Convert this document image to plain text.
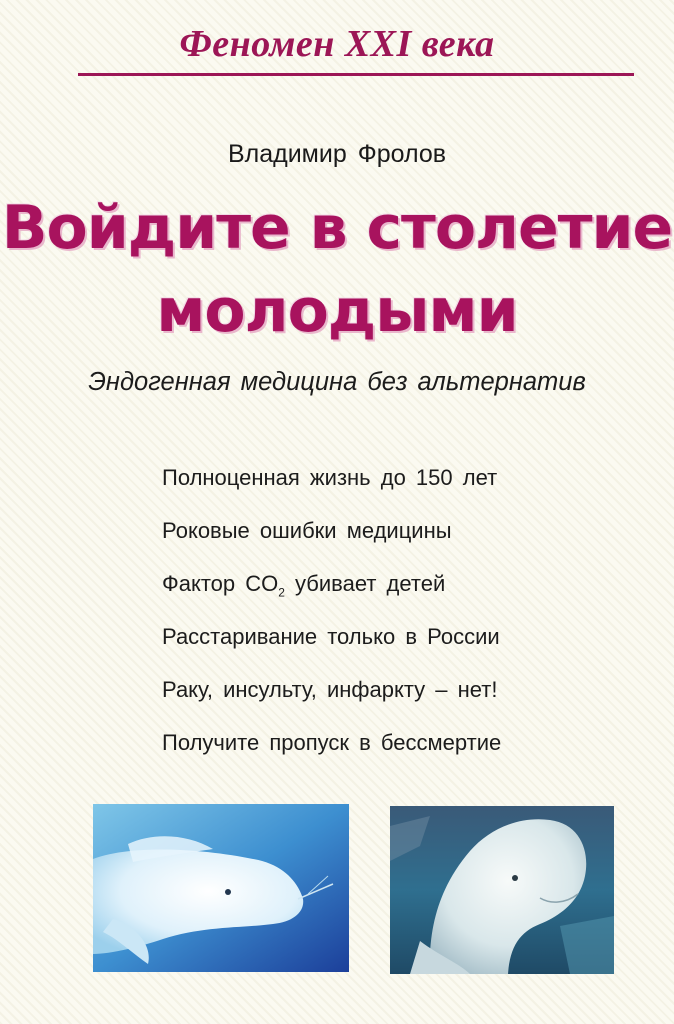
Феномен XXI века
Владимир Фролов
Войдите в столетие
молодыми
Эндогенная медицина без альтернатив
Полноценная жизнь до 150 лет
Роковые ошибки медицины
Фактор $CO_2$ убивает детей
Расстаривание только в России
Раку, инсульту, инфаркту – нет!
Получите пропуск в бессмертие
